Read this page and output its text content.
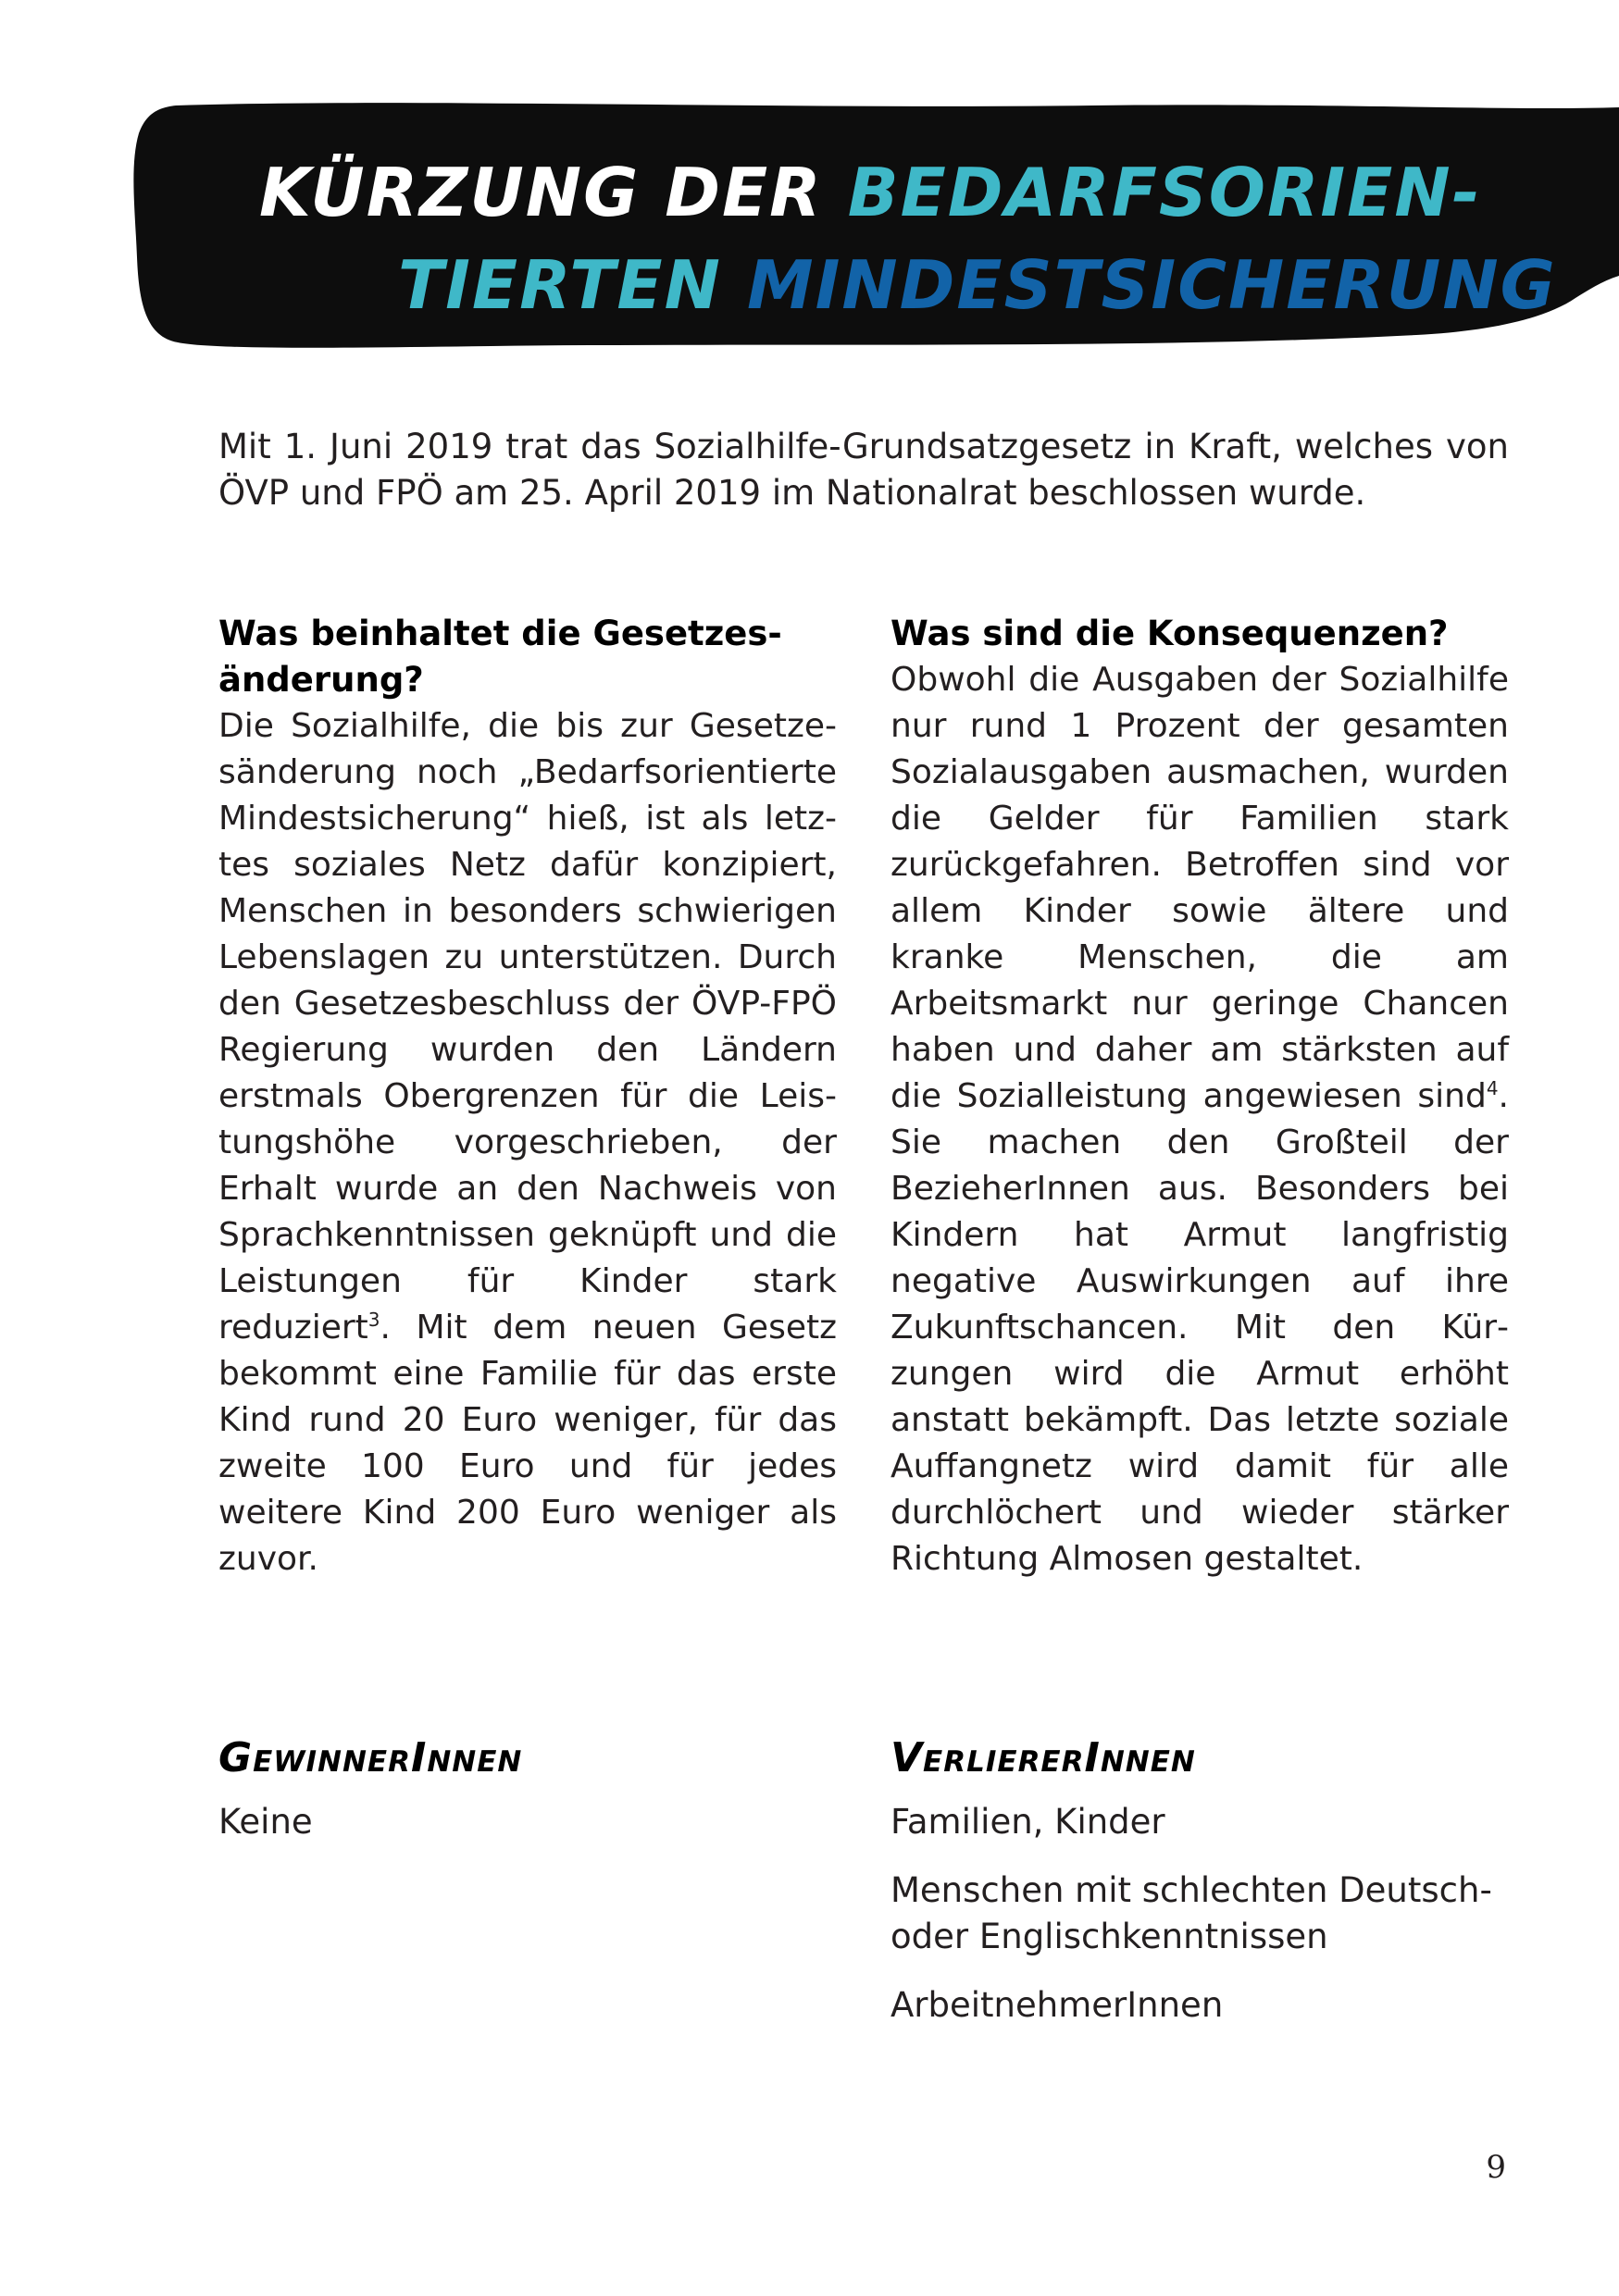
KÜRZUNG DER BEDARFSORIEN-
TIERTEN MINDESTSICHERUNG

Mit 1. Juni 2019 trat das Sozialhilfe-Grundsatzgesetz in Kraft, welches von ÖVP und FPÖ am 25. April 2019 im Nationalrat beschlossen wurde.

Was beinhaltet die Gesetzesänderung?

Die Sozialhilfe, die bis zur Gesetzesänderung noch „Bedarfsorientierte Mindestsicherung“ hieß, ist als letztes soziales Netz dafür konzipiert, Menschen in besonders schwierigen Lebenslagen zu unterstützen. Durch den Gesetzesbeschluss der ÖVP-FPÖ Regierung wurden den Ländern erstmals Obergrenzen für die Leistungshöhe vorgeschrieben, der Erhalt wurde an den Nachweis von Sprachkenntnissen geknüpft und die Leistungen für Kinder stark reduziert$^3$. Mit dem neuen Gesetz bekommt eine Familie für das erste Kind rund 20 Euro weniger, für das zweite 100 Euro und für jedes weitere Kind 200 Euro weniger als zuvor.

Was sind die Konsequenzen?

Obwohl die Ausgaben der Sozialhilfe nur rund 1 Prozent der gesamten Sozialausgaben ausmachen, wurden die Gelder für Familien stark zurückgefahren. Betroffen sind vor allem Kinder sowie ältere und kranke Menschen, die am Arbeitsmarkt nur geringe Chancen haben und daher am stärksten auf die Sozialleistung angewiesen sind$^4$. Sie machen den Großteil der BezieherInnen aus. Besonders bei Kindern hat Armut langfristig negative Auswirkungen auf ihre Zukunftschancen. Mit den Kürzungen wird die Armut erhöht anstatt bekämpft. Das letzte soziale Auffangnetz wird damit für alle durchlöchert und wieder stärker Richtung Almosen gestaltet.

GewinnerInnen
Keine
VerliererInnen
Familien, Kinder
Menschen mit schlechten Deutsch- oder Englischkenntnissen
ArbeitnehmerInnen
9
